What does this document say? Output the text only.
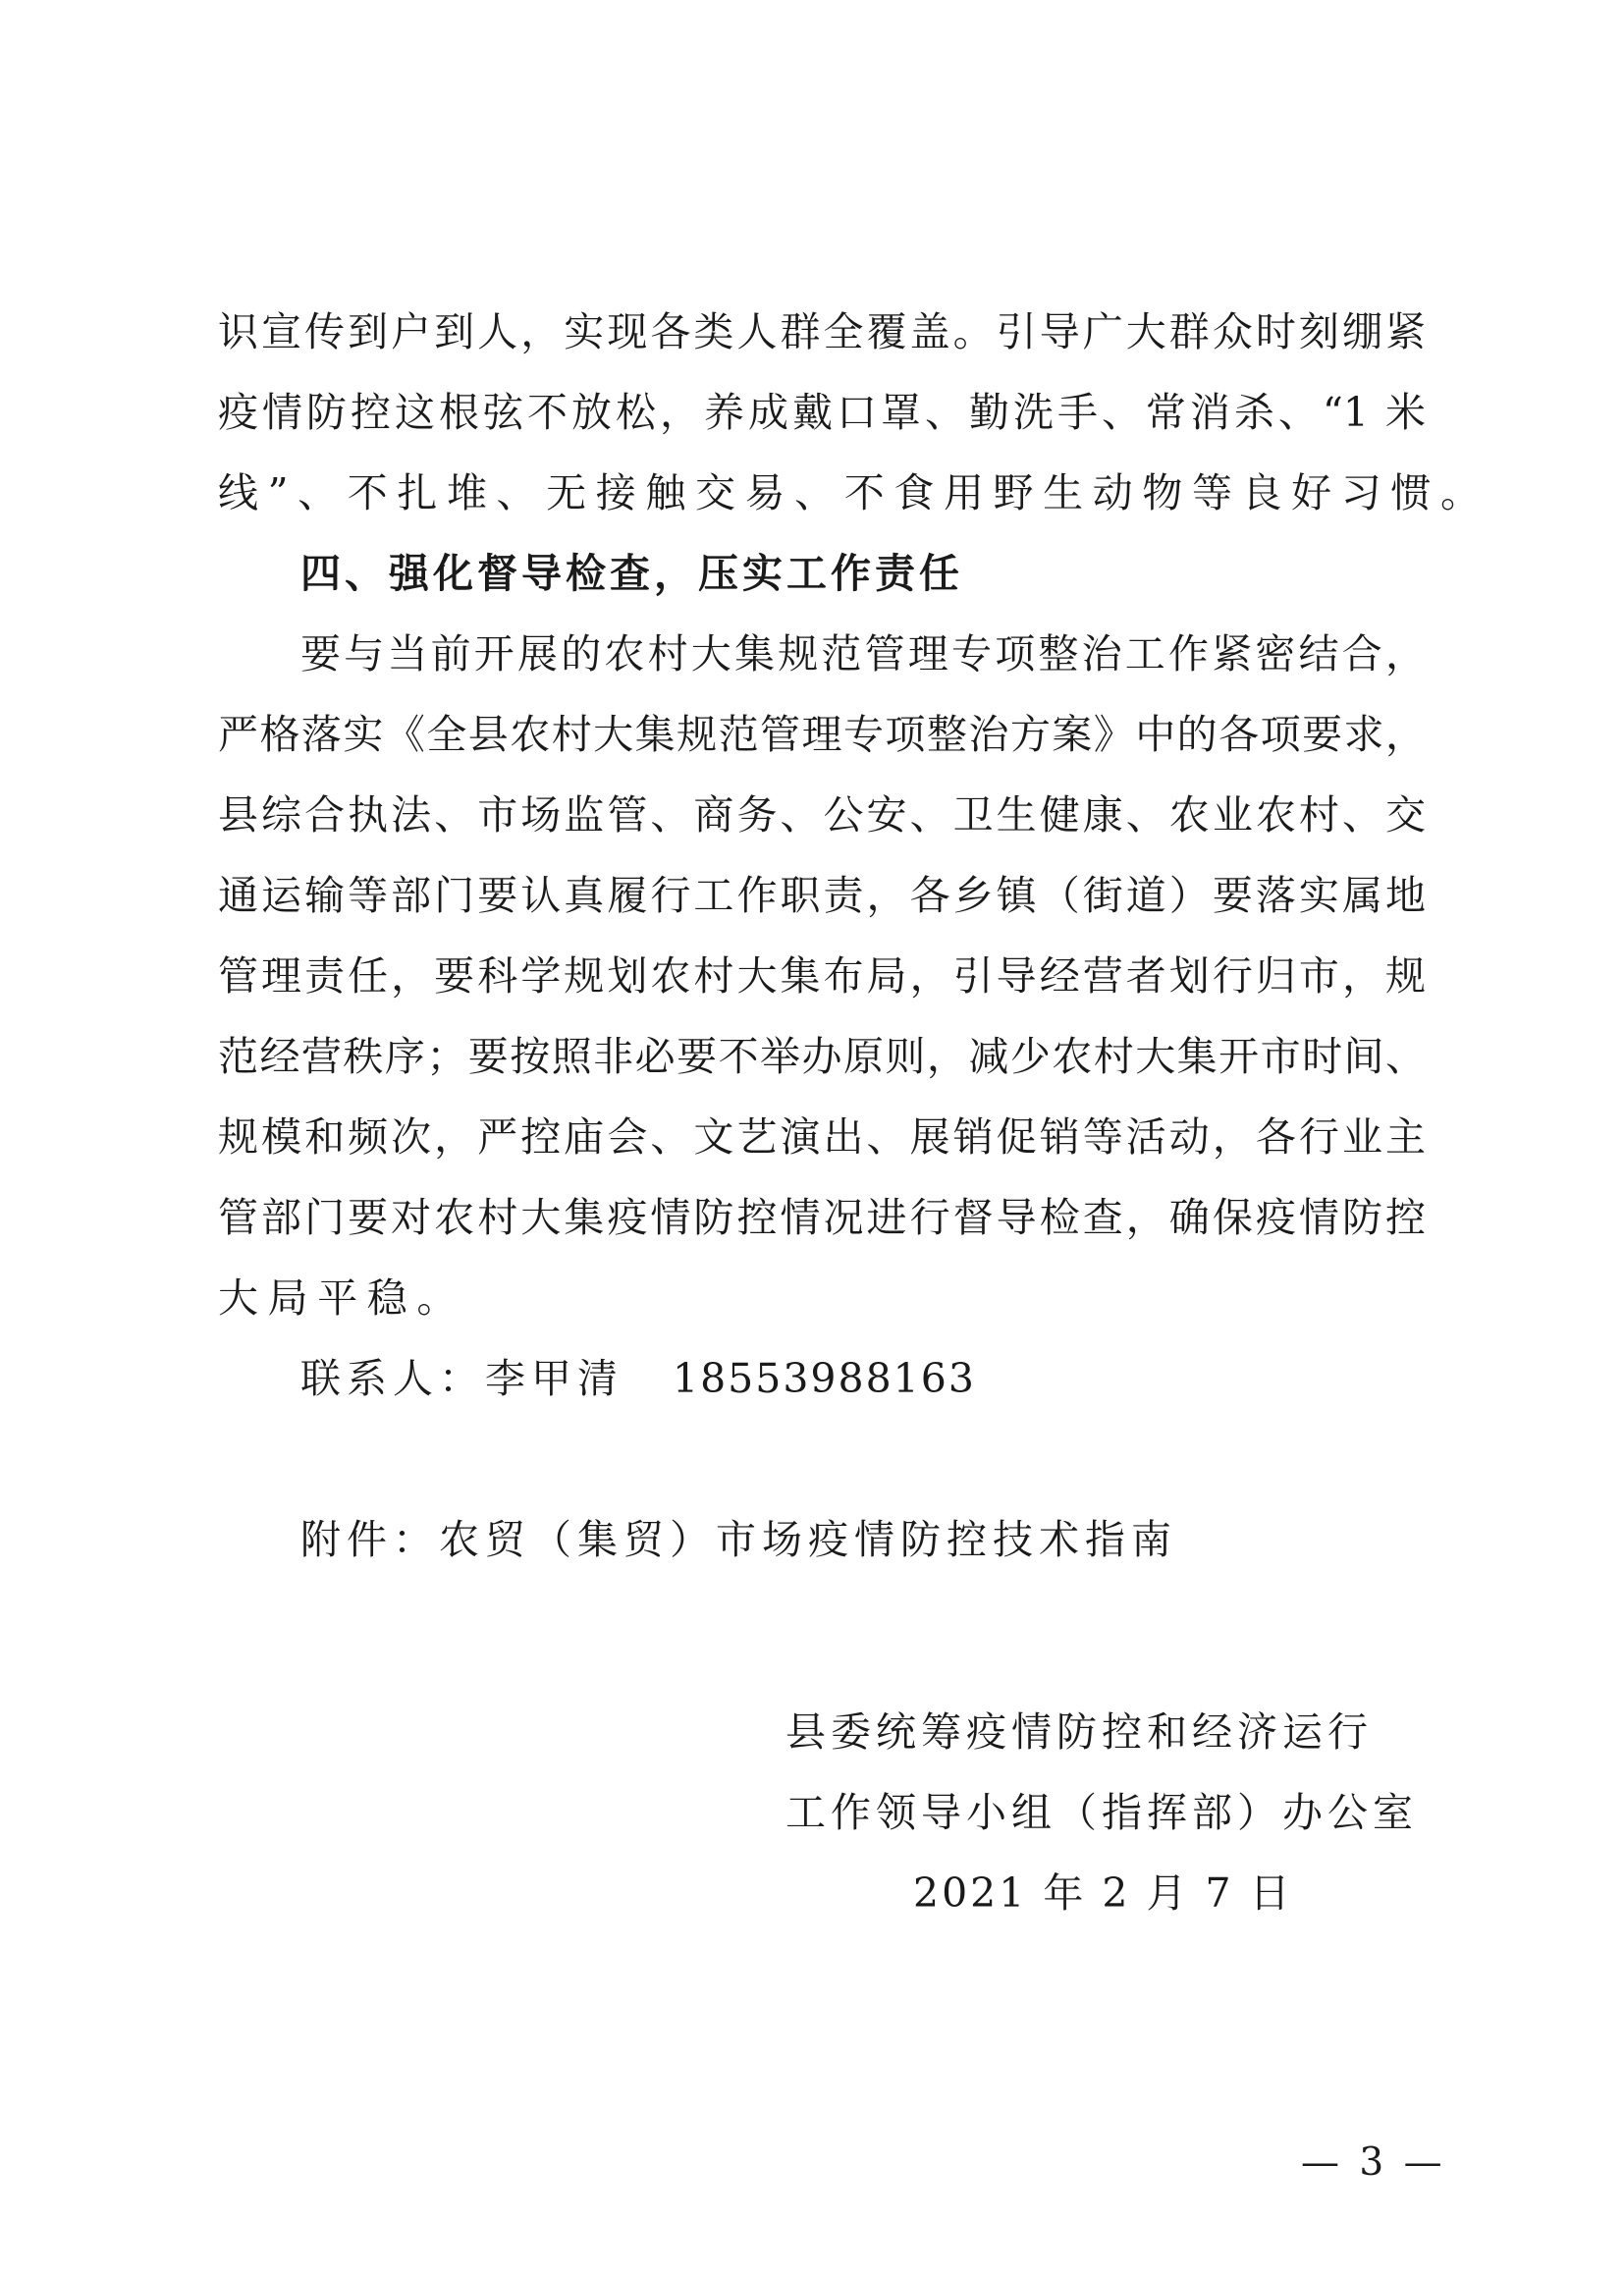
识宣传到户到人，实现各类人群全覆盖。引导广大群众时刻绷紧
疫情防控这根弦不放松，养成戴口罩、勤洗手、常消杀、“1 米
线”、不扎堆、无接触交易、不食用野生动物等良好习惯。
四、强化督导检查，压实工作责任
要与当前开展的农村大集规范管理专项整治工作紧密结合，
严格落实《全县农村大集规范管理专项整治方案》中的各项要求，
县综合执法、市场监管、商务、公安、卫生健康、农业农村、交
通运输等部门要认真履行工作职责，各乡镇（街道）要落实属地
管理责任，要科学规划农村大集布局，引导经营者划行归市，规
范经营秩序；要按照非必要不举办原则，减少农村大集开市时间、
规模和频次，严控庙会、文艺演出、展销促销等活动，各行业主
管部门要对农村大集疫情防控情况进行督导检查，确保疫情防控
大局平稳。
联系人：李甲清 18553988163
附件：农贸（集贸）市场疫情防控技术指南
县委统筹疫情防控和经济运行
工作领导小组（指挥部）办公室
2021 年 2 月 7 日
— 3 —
